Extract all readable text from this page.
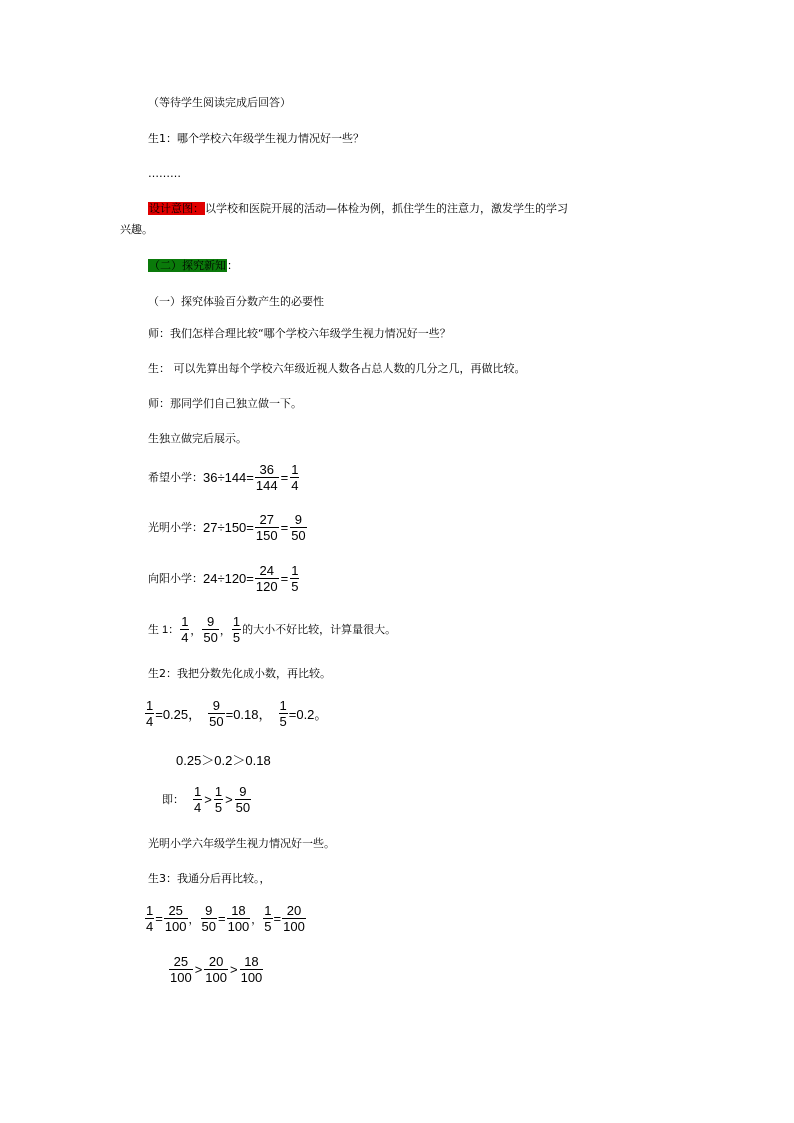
（等待学生阅读完成后回答）
生1：哪个学校六年级学生视力情况好一些？
………
设计意图：以学校和医院开展的活动—体检为例，抓住学生的注意力，激发学生的学习
兴趣。
（二）探究新知：
（一）探究体验百分数产生的必要性
师：我们怎样合理比较“哪个学校六年级学生视力情况好一些？
生： 可以先算出每个学校六年级近视人数各占总人数的几分之几，再做比较。
师：那同学们自己独立做一下。
生独立做完后展示。
希望小学： $36\div 144= \frac{36}{144} = \frac{1}{4}$
光明小学： $27\div 150= \frac{27}{150} = \frac{9}{50}$
向阳小学： $24\div 120= \frac{24}{120} = \frac{1}{5}$
生 1：
1
4 ，
9
50 ，
1
5
的大小不好比较，计算量很大。
生2：我把分数先化成小数，再比较。
$\frac{1}{4} =0.25$， $\frac{9}{50} =0.18$， $\frac{1}{5} =0.2$。
0.25＞0.2＞0.18
即：
1
4
>
1
5
>
9
50
光明小学六年级学生视力情况好一些。
生3：我通分后再比较。，
$\frac{1}{4} = \frac{25}{100}$ ， $\frac{9}{50} = \frac{18}{100}$ ， $\frac{1}{5} = \frac{20}{100}$
25
100
>
20
100
>
18
100
